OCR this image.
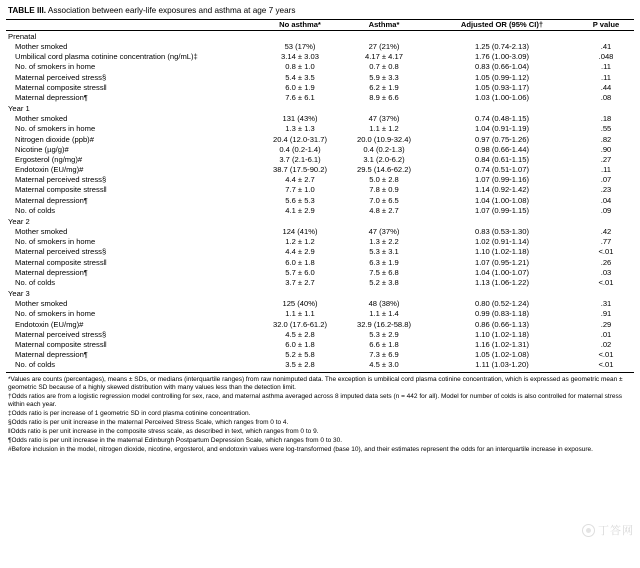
TABLE III. Association between early-life exposures and asthma at age 7 years
	No asthma*	Asthma*	Adjusted OR (95% CI)†	P value
Prenatal				
Mother smoked	53 (17%)	27 (21%)	1.25 (0.74-2.13)	.41
Umbilical cord plasma cotinine concentration (ng/mL)‡	3.14 ± 3.03	4.17 ± 4.17	1.76 (1.00-3.09)	.048
No. of smokers in home	0.8 ± 1.0	0.7 ± 0.8	0.83 (0.66-1.04)	.11
Maternal perceived stress§	5.4 ± 3.5	5.9 ± 3.3	1.05 (0.99-1.12)	.11
Maternal composite stress‖	6.0 ± 1.9	6.2 ± 1.9	1.05 (0.93-1.17)	.44
Maternal depression¶	7.6 ± 6.1	8.9 ± 6.6	1.03 (1.00-1.06)	.08
Year 1				
Mother smoked	131 (43%)	47 (37%)	0.74 (0.48-1.15)	.18
No. of smokers in home	1.3 ± 1.3	1.1 ± 1.2	1.04 (0.91-1.19)	.55
Nitrogen dioxide (ppb)#	20.4 (12.0-31.7)	20.0 (10.9-32.4)	0.97 (0.75-1.26)	.82
Nicotine (µg/g)#	0.4 (0.2-1.4)	0.4 (0.2-1.3)	0.98 (0.66-1.44)	.90
Ergosterol (ng/mg)#	3.7 (2.1-6.1)	3.1 (2.0-6.2)	0.84 (0.61-1.15)	.27
Endotoxin (EU/mg)#	38.7 (17.5-90.2)	29.5 (14.6-62.2)	0.74 (0.51-1.07)	.11
Maternal perceived stress§	4.4 ± 2.7	5.0 ± 2.8	1.07 (0.99-1.16)	.07
Maternal composite stress‖	7.7 ± 1.0	7.8 ± 0.9	1.14 (0.92-1.42)	.23
Maternal depression¶	5.6 ± 5.3	7.0 ± 6.5	1.04 (1.00-1.08)	.04
No. of colds	4.1 ± 2.9	4.8 ± 2.7	1.07 (0.99-1.15)	.09
Year 2				
Mother smoked	124 (41%)	47 (37%)	0.83 (0.53-1.30)	.42
No. of smokers in home	1.2 ± 1.2	1.3 ± 2.2	1.02 (0.91-1.14)	.77
Maternal perceived stress§	4.4 ± 2.9	5.3 ± 3.1	1.10 (1.02-1.18)	<.01
Maternal composite stress‖	6.0 ± 1.8	6.3 ± 1.9	1.07 (0.95-1.21)	.26
Maternal depression¶	5.7 ± 6.0	7.5 ± 6.8	1.04 (1.00-1.07)	.03
No. of colds	3.7 ± 2.7	5.2 ± 3.8	1.13 (1.06-1.22)	<.01
Year 3				
Mother smoked	125 (40%)	48 (38%)	0.80 (0.52-1.24)	.31
No. of smokers in home	1.1 ± 1.1	1.1 ± 1.4	0.99 (0.83-1.18)	.91
Endotoxin (EU/mg)#	32.0 (17.6-61.2)	32.9 (16.2-58.8)	0.86 (0.66-1.13)	.29
Maternal perceived stress§	4.5 ± 2.8	5.3 ± 2.9	1.10 (1.02-1.18)	.01
Maternal composite stress‖	6.0 ± 1.8	6.6 ± 1.8	1.16 (1.02-1.31)	.02
Maternal depression¶	5.2 ± 5.8	7.3 ± 6.9	1.05 (1.02-1.08)	<.01
No. of colds	3.5 ± 2.8	4.5 ± 3.0	1.11 (1.03-1.20)	<.01

*Values are counts (percentages), means ± SDs, or medians (interquartile ranges) from raw nonimputed data. The exception is umbilical cord plasma cotinine concentration, which is expressed as geometric mean ± geometric SD because of a highly skewed distribution with many values less than the detection limit.

†Odds ratios are from a logistic regression model controlling for sex, race, and maternal asthma averaged across 8 imputed data sets (n = 442 for all). Model for number of colds is also controlled for maternal stress within each year.

‡Odds ratio is per increase of 1 geometric SD in cord plasma cotinine concentration.

§Odds ratio is per unit increase in the maternal Perceived Stress Scale, which ranges from 0 to 4.

‖Odds ratio is per unit increase in the composite stress scale, as described in text, which ranges from 0 to 9.

¶Odds ratio is per unit increase in the maternal Edinburgh Postpartum Depression Scale, which ranges from 0 to 30.

#Before inclusion in the model, nitrogen dioxide, nicotine, ergosterol, and endotoxin values were log-transformed (base 10), and their estimates represent the odds for an interquartile increase in exposure.

丁答网
